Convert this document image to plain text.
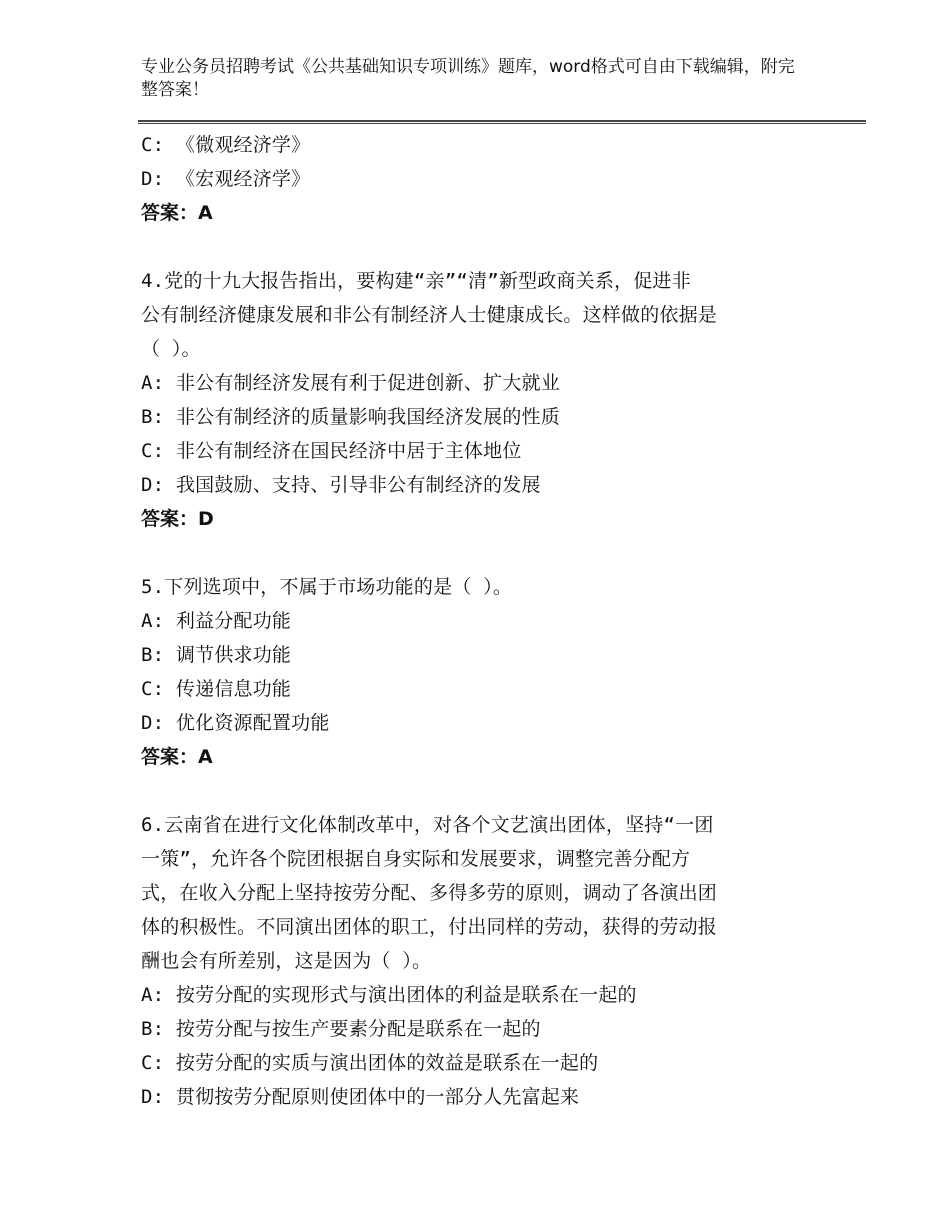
专业公务员招聘考试《公共基础知识专项训练》题库，word格式可自由下载编辑，附完整答案！
C: 《微观经济学》
D: 《宏观经济学》
答案：A
4.党的十九大报告指出，要构建“亲”“清”新型政商关系，促进非
公有制经济健康发展和非公有制经济人士健康成长。这样做的依据是
（ ）。
A: 非公有制经济发展有利于促进创新、扩大就业
B: 非公有制经济的质量影响我国经济发展的性质
C: 非公有制经济在国民经济中居于主体地位
D: 我国鼓励、支持、引导非公有制经济的发展
答案：D
5.下列选项中，不属于市场功能的是（ ）。
A: 利益分配功能
B: 调节供求功能
C: 传递信息功能
D: 优化资源配置功能
答案：A
6.云南省在进行文化体制改革中，对各个文艺演出团体，坚持“一团
一策”，允许各个院团根据自身实际和发展要求，调整完善分配方
式，在收入分配上坚持按劳分配、多得多劳的原则，调动了各演出团
体的积极性。不同演出团体的职工，付出同样的劳动，获得的劳动报
酬也会有所差别，这是因为（ ）。
A: 按劳分配的实现形式与演出团体的利益是联系在一起的
B: 按劳分配与按生产要素分配是联系在一起的
C: 按劳分配的实质与演出团体的效益是联系在一起的
D: 贯彻按劳分配原则使团体中的一部分人先富起来
